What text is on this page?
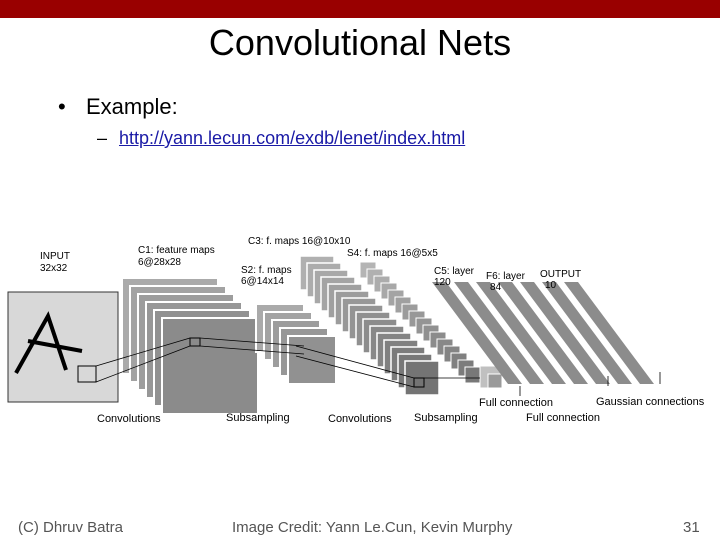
Convolutional Nets
• Example:
– http://yann.lecun.com/exdb/lenet/index.html
INPUT
32x32
C1: feature maps
6@28x28
S2: f. maps
6@14x14
C3: f. maps 16@10x10
S4: f. maps 16@5x5
C5: layer
120
F6: layer
84
OUTPUT
10
Convolutions	Subsampling	Convolutions Subsampling
Full connection
Full connection
Gaussian connections
(C) Dhruv Batra	Image Credit: Yann Le.Cun, Kevin Murphy	31
